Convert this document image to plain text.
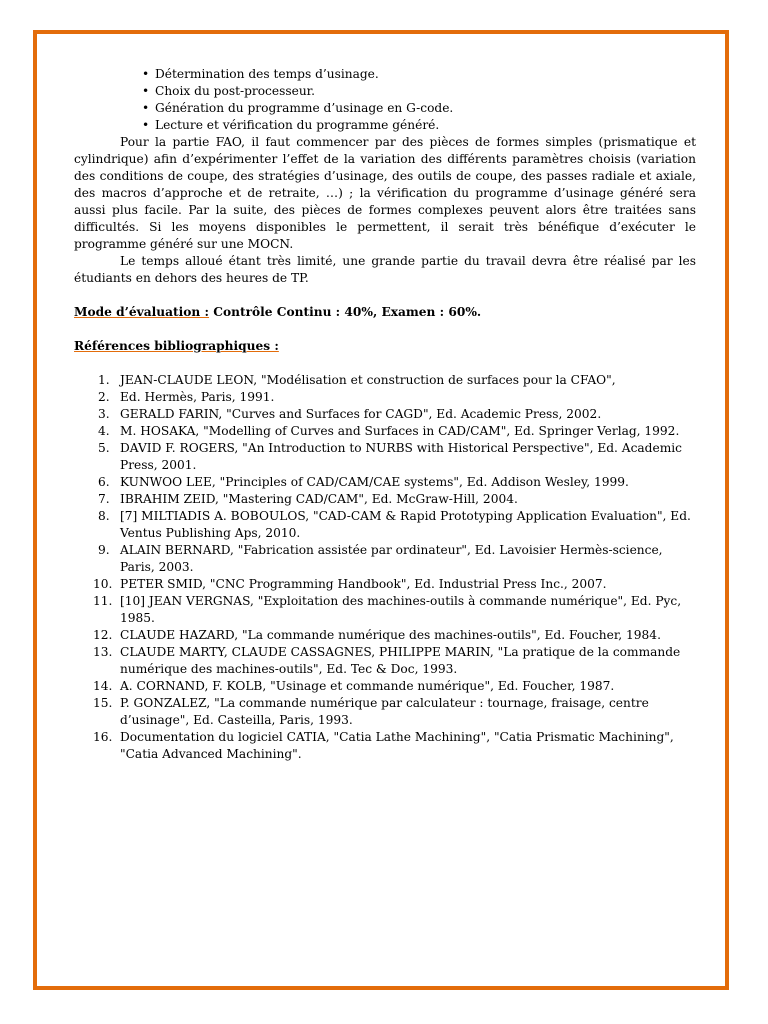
• Détermination des temps d’usinage.
• Choix du post-processeur.
• Génération du programme d’usinage en G-code.
• Lecture et vérification du programme généré.

Pour la partie FAO, il faut commencer par des pièces de formes simples (prismatique et cylindrique) afin d’expérimenter l’effet de la variation des différents paramètres choisis (variation des conditions de coupe, des stratégies d’usinage, des outils de coupe, des passes radiale et axiale, des macros d’approche et de retraite, …) ; la vérification du programme d’usinage généré sera aussi plus facile. Par la suite, des pièces de formes complexes peuvent alors être traitées sans difficultés. Si les moyens disponibles le permettent, il serait très bénéfique d’exécuter le programme généré sur une MOCN.

Le temps alloué étant très limité, une grande partie du travail devra être réalisé par les étudiants en dehors des heures de TP.

Mode d’évaluation : Contrôle Continu : 40%, Examen : 60%.
Références bibliographiques :
1. JEAN-CLAUDE LEON, "Modélisation et construction de surfaces pour la CFAO",
2. Ed. Hermès, Paris, 1991.
3. GERALD FARIN, "Curves and Surfaces for CAGD", Ed. Academic Press, 2002.
4. M. HOSAKA, "Modelling of Curves and Surfaces in CAD/CAM", Ed. Springer Verlag, 1992.
5. DAVID F. ROGERS, "An Introduction to NURBS with Historical Perspective", Ed. Academic Press, 2001.
6. KUNWOO LEE, "Principles of CAD/CAM/CAE systems", Ed. Addison Wesley, 1999.
7. IBRAHIM ZEID, "Mastering CAD/CAM", Ed. McGraw-Hill, 2004.
8. [7] MILTIADIS A. BOBOULOS, "CAD-CAM & Rapid Prototyping Application Evaluation", Ed. Ventus Publishing Aps, 2010.
9. ALAIN BERNARD, "Fabrication assistée par ordinateur", Ed. Lavoisier Hermès-science, Paris, 2003.
10. PETER SMID, "CNC Programming Handbook", Ed. Industrial Press Inc., 2007.
11. [10] JEAN VERGNAS, "Exploitation des machines-outils à commande numérique", Ed. Pyc, 1985.
12. CLAUDE HAZARD, "La commande numérique des machines-outils", Ed. Foucher, 1984.
13. CLAUDE MARTY, CLAUDE CASSAGNES, PHILIPPE MARIN, "La pratique de la commande numérique des machines-outils", Ed. Tec & Doc, 1993.
14. A. CORNAND, F. KOLB, "Usinage et commande numérique", Ed. Foucher, 1987.
15. P. GONZALEZ, "La commande numérique par calculateur : tournage, fraisage, centre d’usinage", Ed. Casteilla, Paris, 1993.
16. Documentation du logiciel CATIA, "Catia Lathe Machining", "Catia Prismatic Machining", "Catia Advanced Machining".
